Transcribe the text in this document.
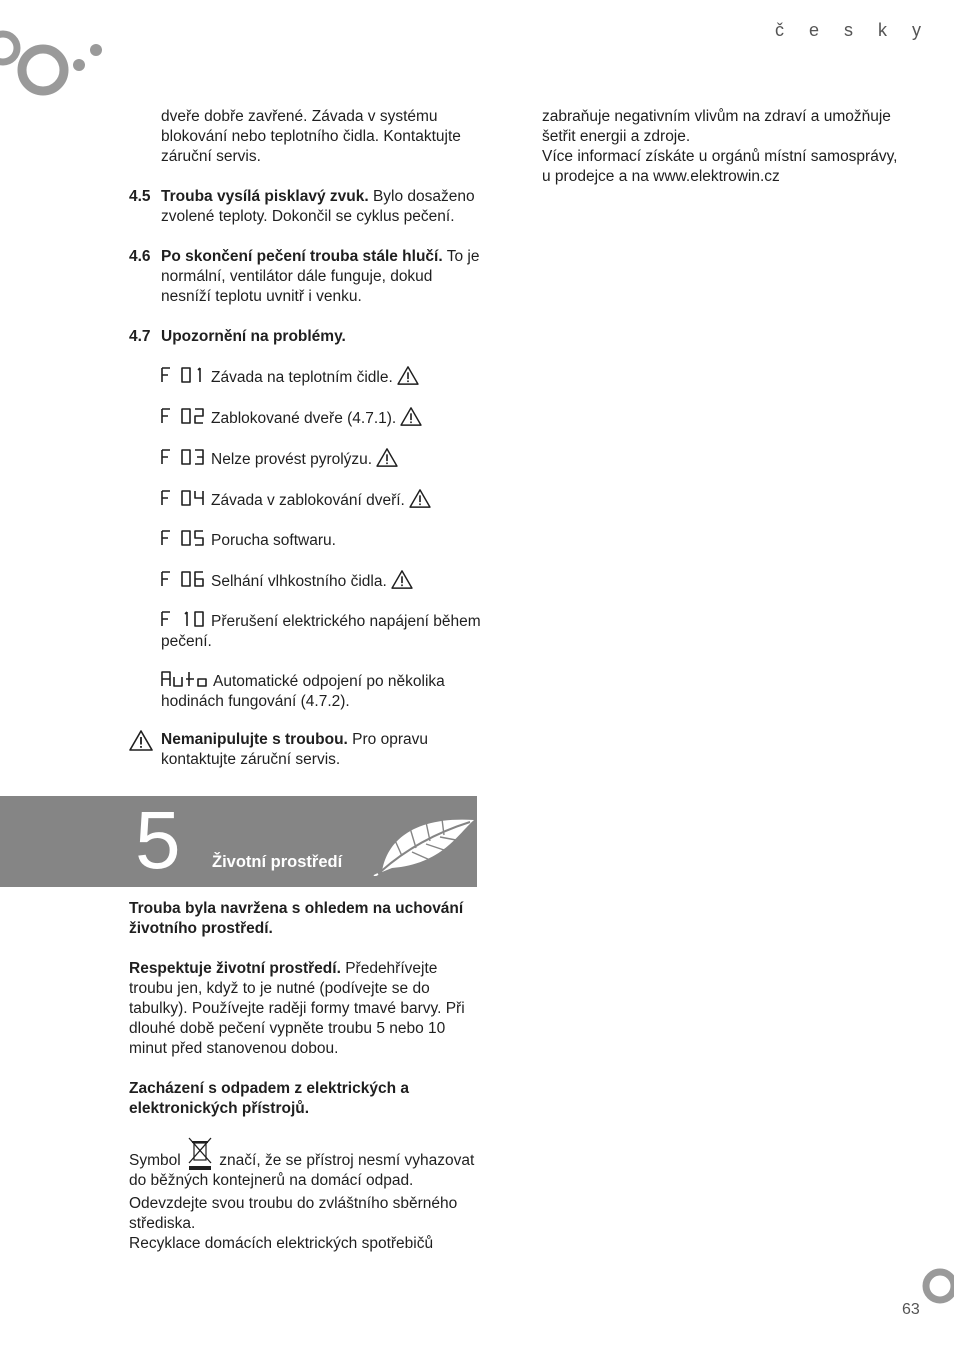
č e s k y

dveře dobře zavřené. Závada v systému blokování nebo teplotního čidla. Kontaktujte záruční servis.

4.5 Trouba vysílá pisklavý zvuk. Bylo dosaženo zvolené teploty. Dokončil se cyklus pečení.
4.6 Po skončení pečení trouba stále hlučí. To je normální, ventilátor dále funguje, dokud nesníží teplotu uvnitř i venku.
4.7 Upozornění na problémy.
Závada na teplotním čidle.
Zablokované dveře (4.7.1).
Nelze provést pyrolýzu.
Závada v zablokování dveří.
Porucha softwaru.
Selhání vlhkostního čidla.
Přerušení elektrického napájení během pečení.
Automatické odpojení po několika hodinách fungování (4.7.2).
Nemanipulujte s troubou. Pro opravu kontaktujte záruční servis.
5 Životní prostředí

Trouba byla navržena s ohledem na uchování životního prostředí.

Respektuje životní prostředí. Předehřívejte troubu jen, když to je nutné (podívejte se do tabulky). Používejte raději formy tmavé barvy. Při dlouhé době pečení vypněte troubu 5 nebo 10 minut před stanovenou dobou.

Zacházení s odpadem z elektrických a elektronických přístrojů.

Symbol  značí, že se přístroj nesmí vyhazovat do běžných kontejnerů na domácí odpad.

Odevzdejte svou troubu do zvláštního sběrného střediska.

Recyklace domácích elektrických spotřebičů

zabraňuje negativním vlivům na zdraví a umožňuje šetřit energii a zdroje.

Více informací získáte u orgánů místní samosprávy, u prodejce a na www.elektrowin.cz

63
